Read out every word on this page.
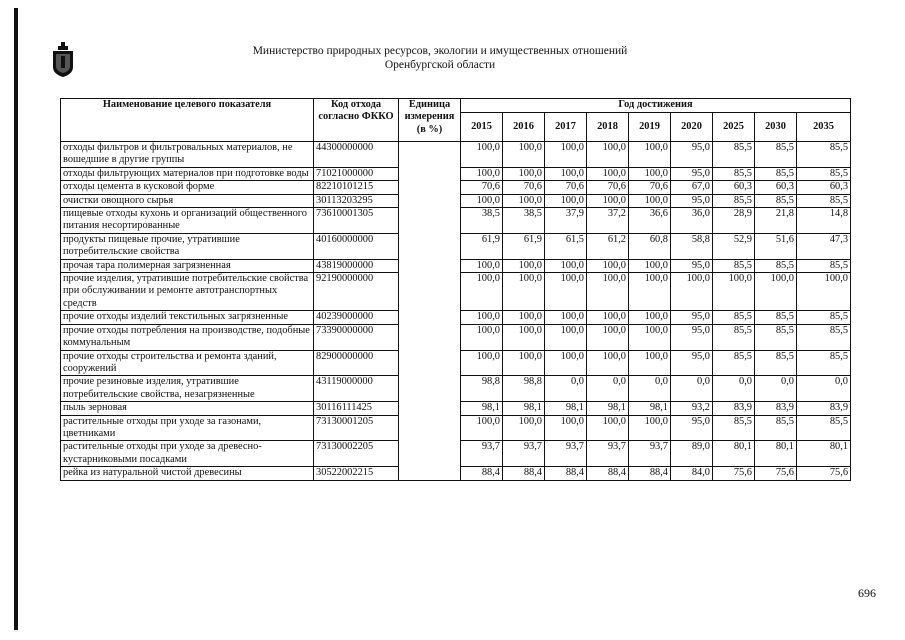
Министерство природных ресурсов, экологии и имущественных отношений
Оренбургской области
Наименование целевого показателя	Код отхода согласно ФККО	Единица измерения (в %)	Год достижения								
			2015	2016	2017	2018	2019	2020	2025	2030	2035
отходы фильтров и фильтровальных материалов, не вошедшие в другие группы	44300000000		100,0	100,0	100,0	100,0	100,0	95,0	85,5	85,5	85,5
отходы фильтрующих материалов при подготовке воды	71021000000		100,0	100,0	100,0	100,0	100,0	95,0	85,5	85,5	85,5
отходы цемента в кусковой форме	82210101215		70,6	70,6	70,6	70,6	70,6	67,0	60,3	60,3	60,3
очистки овощного сырья	30113203295		100,0	100,0	100,0	100,0	100,0	95,0	85,5	85,5	85,5
пищевые отходы кухонь и организаций общественного питания несортированные	73610001305		38,5	38,5	37,9	37,2	36,6	36,0	28,9	21,8	14,8
продукты пищевые прочие, утратившие потребительские свойства	40160000000		61,9	61,9	61,5	61,2	60,8	58,8	52,9	51,6	47,3
прочая тара полимерная загрязненная	43819000000		100,0	100,0	100,0	100,0	100,0	95,0	85,5	85,5	85,5
прочие изделия, утратившие потребительские свойства при обслуживании и ремонте автотранспортных средств	92190000000		100,0	100,0	100,0	100,0	100,0	100,0	100,0	100,0	100,0
прочие отходы изделий текстильных загрязненные	40239000000		100,0	100,0	100,0	100,0	100,0	95,0	85,5	85,5	85,5
прочие отходы потребления на производстве, подобные коммунальным	73390000000		100,0	100,0	100,0	100,0	100,0	95,0	85,5	85,5	85,5
прочие отходы строительства и ремонта зданий, сооружений	82900000000		100,0	100,0	100,0	100,0	100,0	95,0	85,5	85,5	85,5
прочие резиновые изделия, утратившие потребительские свойства, незагрязненные	43119000000		98,8	98,8	0,0	0,0	0,0	0,0	0,0	0,0	0,0
пыль зерновая	30116111425		98,1	98,1	98,1	98,1	98,1	93,2	83,9	83,9	83,9
растительные отходы при уходе за газонами, цветниками	73130001205		100,0	100,0	100,0	100,0	100,0	95,0	85,5	85,5	85,5
растительные отходы при уходе за древесно-кустарниковыми посадками	73130002205		93,7	93,7	93,7	93,7	93,7	89,0	80,1	80,1	80,1
рейка из натуральной чистой древесины	30522002215		88,4	88,4	88,4	88,4	88,4	84,0	75,6	75,6	75,6
696
